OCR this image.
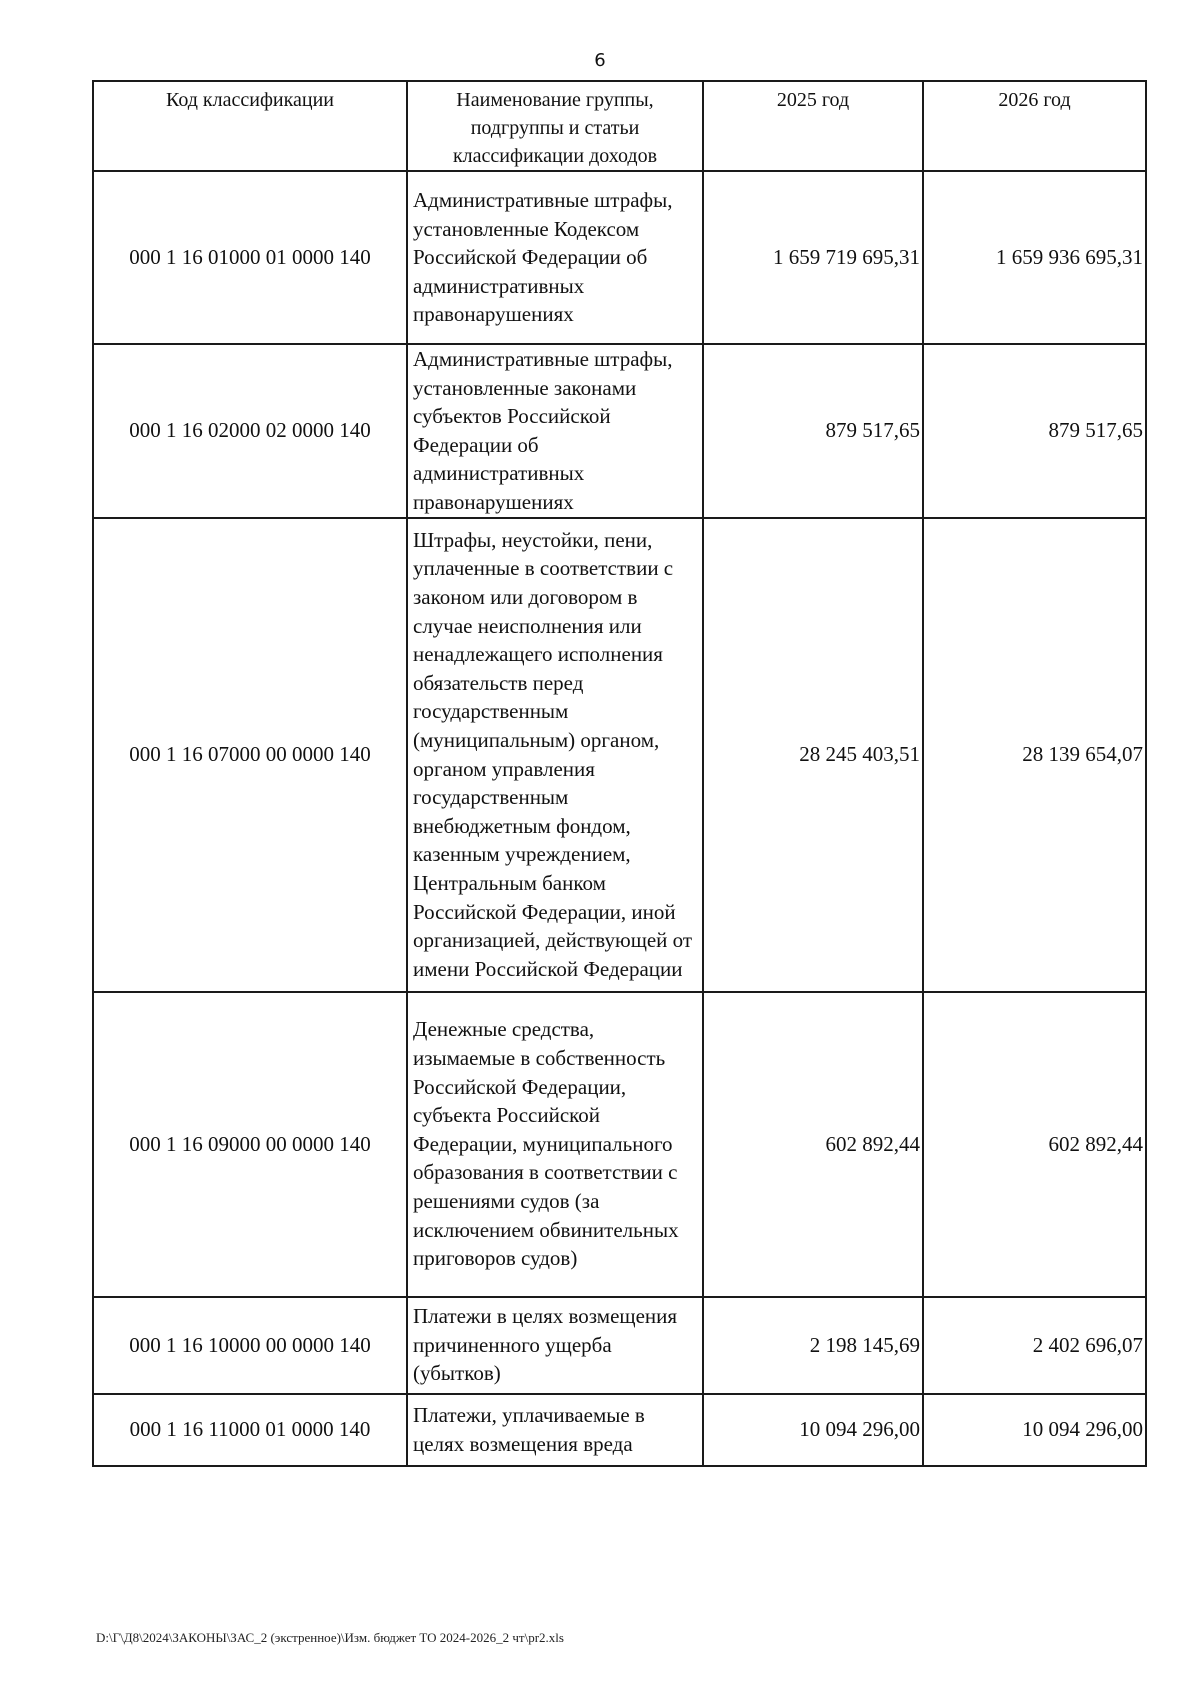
6
Код классификации	Наименование группы, подгруппы и статьи классификации доходов	2025 год	2026 год
000 1 16 01000 01 0000 140	Административные штрафы, установленные Кодексом Российской Федерации об административных правонарушениях	1 659 719 695,31	1 659 936 695,31
000 1 16 02000 02 0000 140	Административные штрафы, установленные законами субъектов Российской Федерации об административных правонарушениях	879 517,65	879 517,65
000 1 16 07000 00 0000 140	Штрафы, неустойки, пени, уплаченные в соответствии с законом или договором в случае неисполнения или ненадлежащего исполнения обязательств перед государственным (муниципальным) органом, органом управления государственным внебюджетным фондом, казенным учреждением, Центральным банком Российской Федерации, иной организацией, действующей от имени Российской Федерации	28 245 403,51	28 139 654,07
000 1 16 09000 00 0000 140	Денежные средства, изымаемые в собственность Российской Федерации, субъекта Российской Федерации, муниципального образования в соответствии с решениями судов (за исключением обвинительных приговоров судов)	602 892,44	602 892,44
000 1 16 10000 00 0000 140	Платежи в целях возмещения причиненного ущерба (убытков)	2 198 145,69	2 402 696,07
000 1 16 11000 01 0000 140	Платежи, уплачиваемые в целях возмещения вреда	10 094 296,00	10 094 296,00
D:\Г\Д8\2024\ЗАКОНЫ\ЗАС_2 (экстренное)\Изм. бюджет ТО 2024-2026_2 чт\pr2.xls
